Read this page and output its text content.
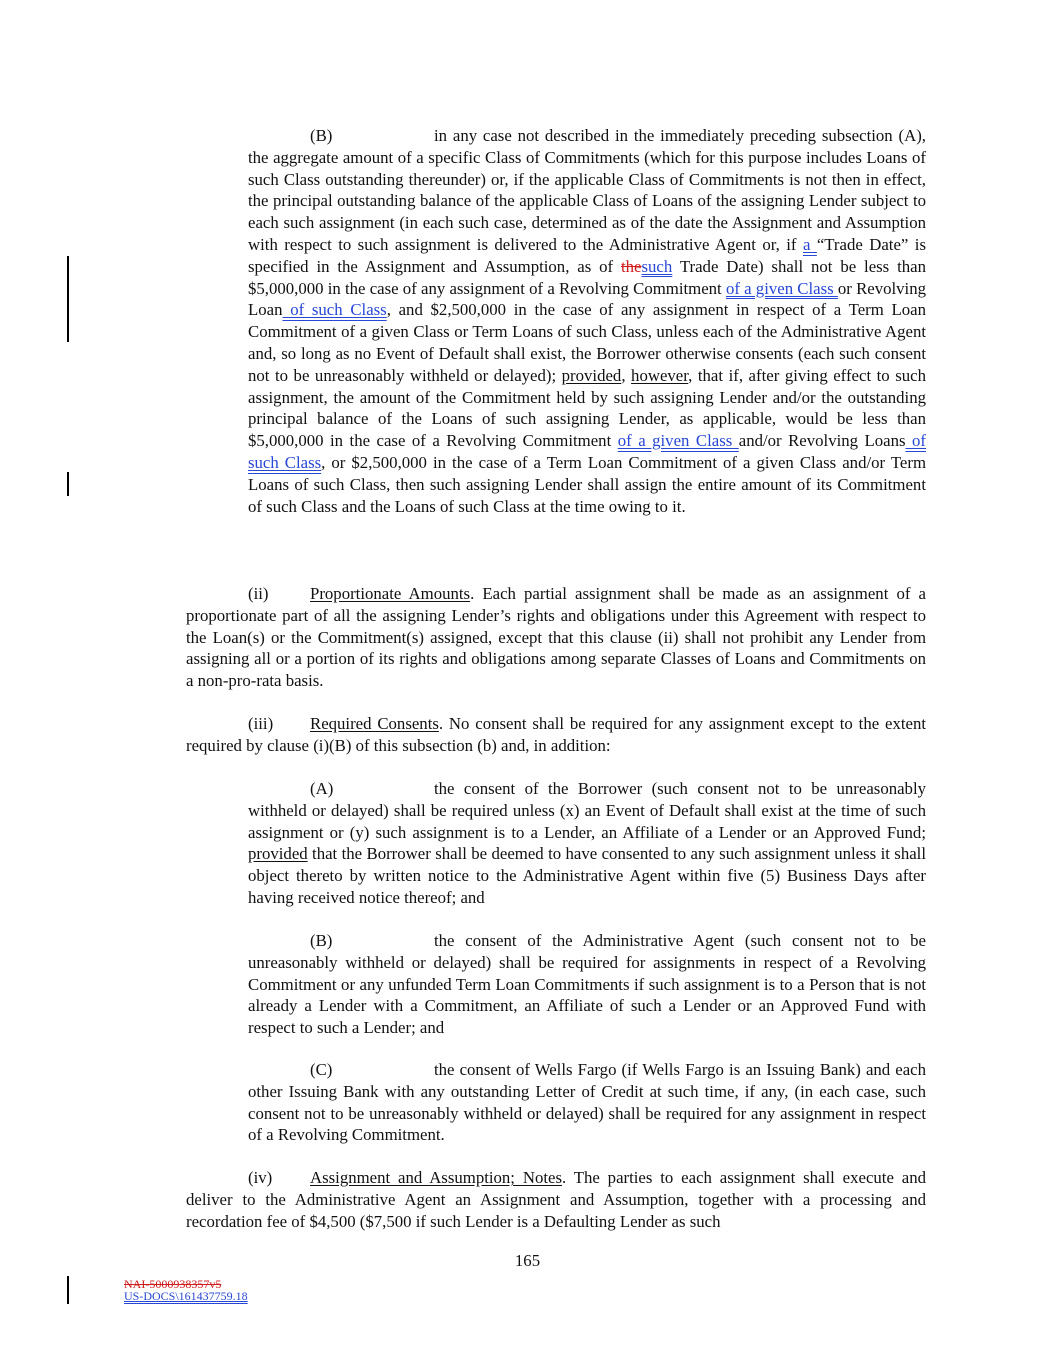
(B)	in any case not described in the immediately preceding subsection (A), the aggregate amount of a specific Class of Commitments (which for this purpose includes Loans of such Class outstanding thereunder) or, if the applicable Class of Commitments is not then in effect, the principal outstanding balance of the applicable Class of Loans of the assigning Lender subject to each such assignment (in each such case, determined as of the date the Assignment and Assumption with respect to such assignment is delivered to the Administrative Agent or, if a “Trade Date” is specified in the Assignment and Assumption, as of thesuch Trade Date) shall not be less than $5,000,000 in the case of any assignment of a Revolving Commitment of a given Class or Revolving Loan of such Class, and $2,500,000 in the case of any assignment in respect of a Term Loan Commitment of a given Class or Term Loans of such Class, unless each of the Administrative Agent and, so long as no Event of Default shall exist, the Borrower otherwise consents (each such consent not to be unreasonably withheld or delayed); provided, however, that if, after giving effect to such assignment, the amount of the Commitment held by such assigning Lender and/or the outstanding principal balance of the Loans of such assigning Lender, as applicable, would be less than $5,000,000 in the case of a Revolving Commitment of a given Class and/or Revolving Loans of such Class, or $2,500,000 in the case of a Term Loan Commitment of a given Class and/or Term Loans of such Class, then such assigning Lender shall assign the entire amount of its Commitment of such Class and the Loans of such Class at the time owing to it.

(ii) Proportionate Amounts. Each partial assignment shall be made as an assignment of a proportionate part of all the assigning Lender’s rights and obligations under this Agreement with respect to the Loan(s) or the Commitment(s) assigned, except that this clause (ii) shall not prohibit any Lender from assigning all or a portion of its rights and obligations among separate Classes of Loans and Commitments on a non-pro-rata basis.

(iii) Required Consents. No consent shall be required for any assignment except to the extent required by clause (i)(B) of this subsection (b) and, in addition:

(A)	the consent of the Borrower (such consent not to be unreasonably withheld or delayed) shall be required unless (x) an Event of Default shall exist at the time of such assignment or (y) such assignment is to a Lender, an Affiliate of a Lender or an Approved Fund; provided that the Borrower shall be deemed to have consented to any such assignment unless it shall object thereto by written notice to the Administrative Agent within five (5) Business Days after having received notice thereof; and

(B)	the consent of the Administrative Agent (such consent not to be unreasonably withheld or delayed) shall be required for assignments in respect of a Revolving Commitment or any unfunded Term Loan Commitments if such assignment is to a Person that is not already a Lender with a Commitment, an Affiliate of such a Lender or an Approved Fund with respect to such a Lender; and

(C)	the consent of Wells Fargo (if Wells Fargo is an Issuing Bank) and each other Issuing Bank with any outstanding Letter of Credit at such time, if any, (in each case, such consent not to be unreasonably withheld or delayed) shall be required for any assignment in respect of a Revolving Commitment.

(iv) Assignment and Assumption; Notes. The parties to each assignment shall execute and deliver to the Administrative Agent an Assignment and Assumption, together with a processing and recordation fee of $4,500 ($7,500 if such Lender is a Defaulting Lender as such

165
NAI-5000938357v5
US-DOCS\161437759.18
